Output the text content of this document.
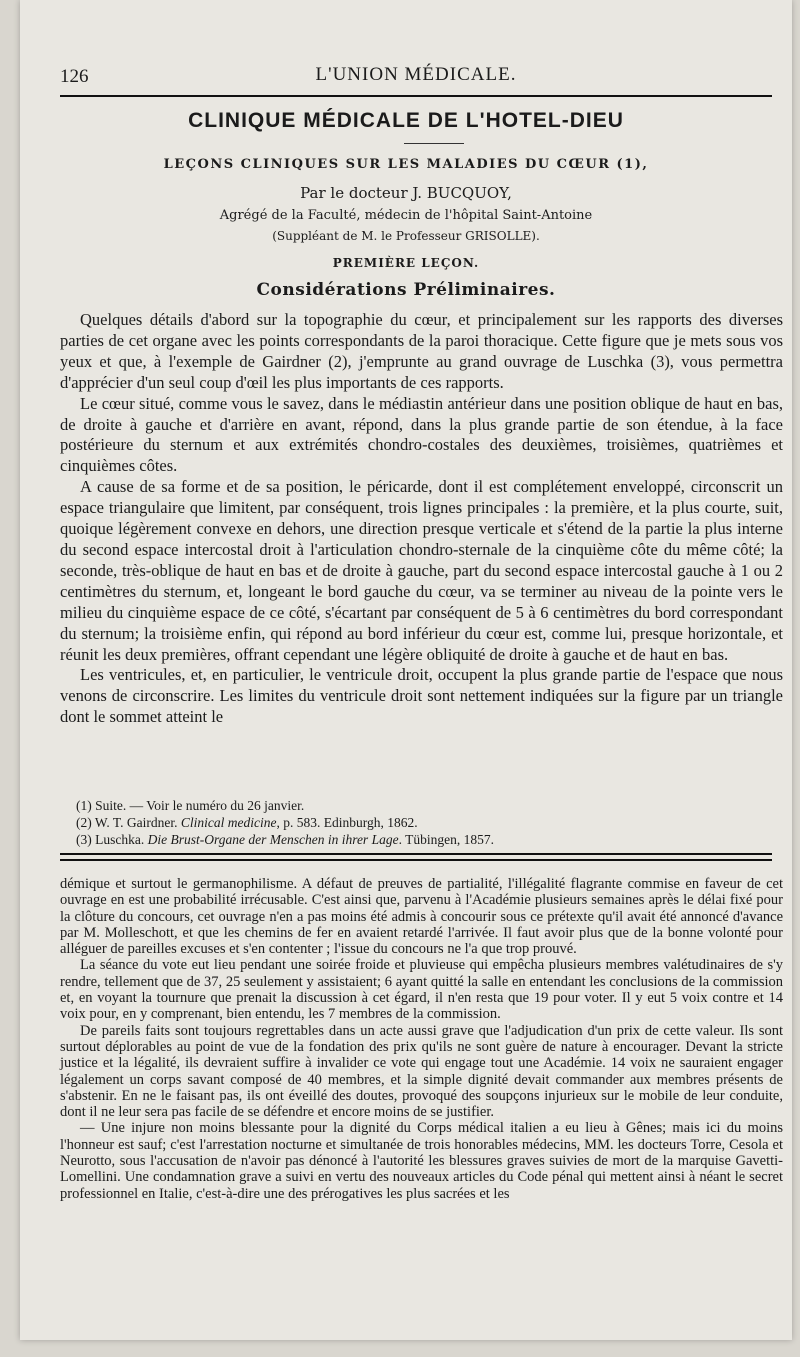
126	L'UNION MÉDICALE.
CLINIQUE MÉDICALE DE L'HOTEL-DIEU
LEÇONS CLINIQUES SUR LES MALADIES DU CŒUR (1),
Par le docteur J. BUCQUOY,
Agrégé de la Faculté, médecin de l'hôpital Saint-Antoine
(Suppléant de M. le Professeur GRISOLLE).
PREMIÈRE LEÇON.
Considérations Préliminaires.

Quelques détails d'abord sur la topographie du cœur, et principalement sur les rapports des diverses parties de cet organe avec les points correspondants de la paroi thoracique. Cette figure que je mets sous vos yeux et que, à l'exemple de Gairdner (2), j'emprunte au grand ouvrage de Luschka (3), vous permettra d'apprécier d'un seul coup d'œil les plus importants de ces rapports.

Le cœur situé, comme vous le savez, dans le médiastin antérieur dans une position oblique de haut en bas, de droite à gauche et d'arrière en avant, répond, dans la plus grande partie de son étendue, à la face postérieure du sternum et aux extrémités chondro-costales des deuxièmes, troisièmes, quatrièmes et cinquièmes côtes.

A cause de sa forme et de sa position, le péricarde, dont il est complétement enveloppé, circonscrit un espace triangulaire que limitent, par conséquent, trois lignes principales : la première, et la plus courte, suit, quoique légèrement convexe en dehors, une direction presque verticale et s'étend de la partie la plus interne du second espace intercostal droit à l'articulation chondro-sternale de la cinquième côte du même côté; la seconde, très-oblique de haut en bas et de droite à gauche, part du second espace intercostal gauche à 1 ou 2 centimètres du sternum, et, longeant le bord gauche du cœur, va se terminer au niveau de la pointe vers le milieu du cinquième espace de ce côté, s'écartant par conséquent de 5 à 6 centimètres du bord correspondant du sternum; la troisième enfin, qui répond au bord inférieur du cœur est, comme lui, presque horizontale, et réunit les deux premières, offrant cependant une légère obliquité de droite à gauche et de haut en bas.

Les ventricules, et, en particulier, le ventricule droit, occupent la plus grande partie de l'espace que nous venons de circonscrire. Les limites du ventricule droit sont nettement indiquées sur la figure par un triangle dont le sommet atteint le

(1) Suite. — Voir le numéro du 26 janvier.
(2) W. T. Gairdner. Clinical medicine, p. 583. Edinburgh, 1862.
(3) Luschka. Die Brust-Organe der Menschen in ihrer Lage. Tübingen, 1857.

démique et surtout le germanophilisme. A défaut de preuves de partialité, l'illégalité flagrante commise en faveur de cet ouvrage en est une probabilité irrécusable. C'est ainsi que, parvenu à l'Académie plusieurs semaines après le délai fixé pour la clôture du concours, cet ouvrage n'en a pas moins été admis à concourir sous ce prétexte qu'il avait été annoncé d'avance par M. Molleschott, et que les chemins de fer en avaient retardé l'arrivée. Il faut avoir plus que de la bonne volonté pour alléguer de pareilles excuses et s'en contenter ; l'issue du concours ne l'a que trop prouvé.

La séance du vote eut lieu pendant une soirée froide et pluvieuse qui empêcha plusieurs membres valétudinaires de s'y rendre, tellement que de 37, 25 seulement y assistaient; 6 ayant quitté la salle en entendant les conclusions de la commission et, en voyant la tournure que prenait la discussion à cet égard, il n'en resta que 19 pour voter. Il y eut 5 voix contre et 14 voix pour, en y comprenant, bien entendu, les 7 membres de la commission.

De pareils faits sont toujours regrettables dans un acte aussi grave que l'adjudication d'un prix de cette valeur. Ils sont surtout déplorables au point de vue de la fondation des prix qu'ils ne sont guère de nature à encourager. Devant la stricte justice et la légalité, ils devraient suffire à invalider ce vote qui engage tout une Académie. 14 voix ne sauraient engager légalement un corps savant composé de 40 membres, et la simple dignité devait commander aux membres présents de s'abstenir. En ne le faisant pas, ils ont éveillé des doutes, provoqué des soupçons injurieux sur le mobile de leur conduite, dont il ne leur sera pas facile de se défendre et encore moins de se justifier.

— Une injure non moins blessante pour la dignité du Corps médical italien a eu lieu à Gênes; mais ici du moins l'honneur est sauf; c'est l'arrestation nocturne et simultanée de trois honorables médecins, MM. les docteurs Torre, Cesola et Neurotto, sous l'accusation de n'avoir pas dénoncé à l'autorité les blessures graves suivies de mort de la marquise Gavetti-Lomellini. Une condamnation grave a suivi en vertu des nouveaux articles du Code pénal qui mettent ainsi à néant le secret professionnel en Italie, c'est-à-dire une des prérogatives les plus sacrées et les
